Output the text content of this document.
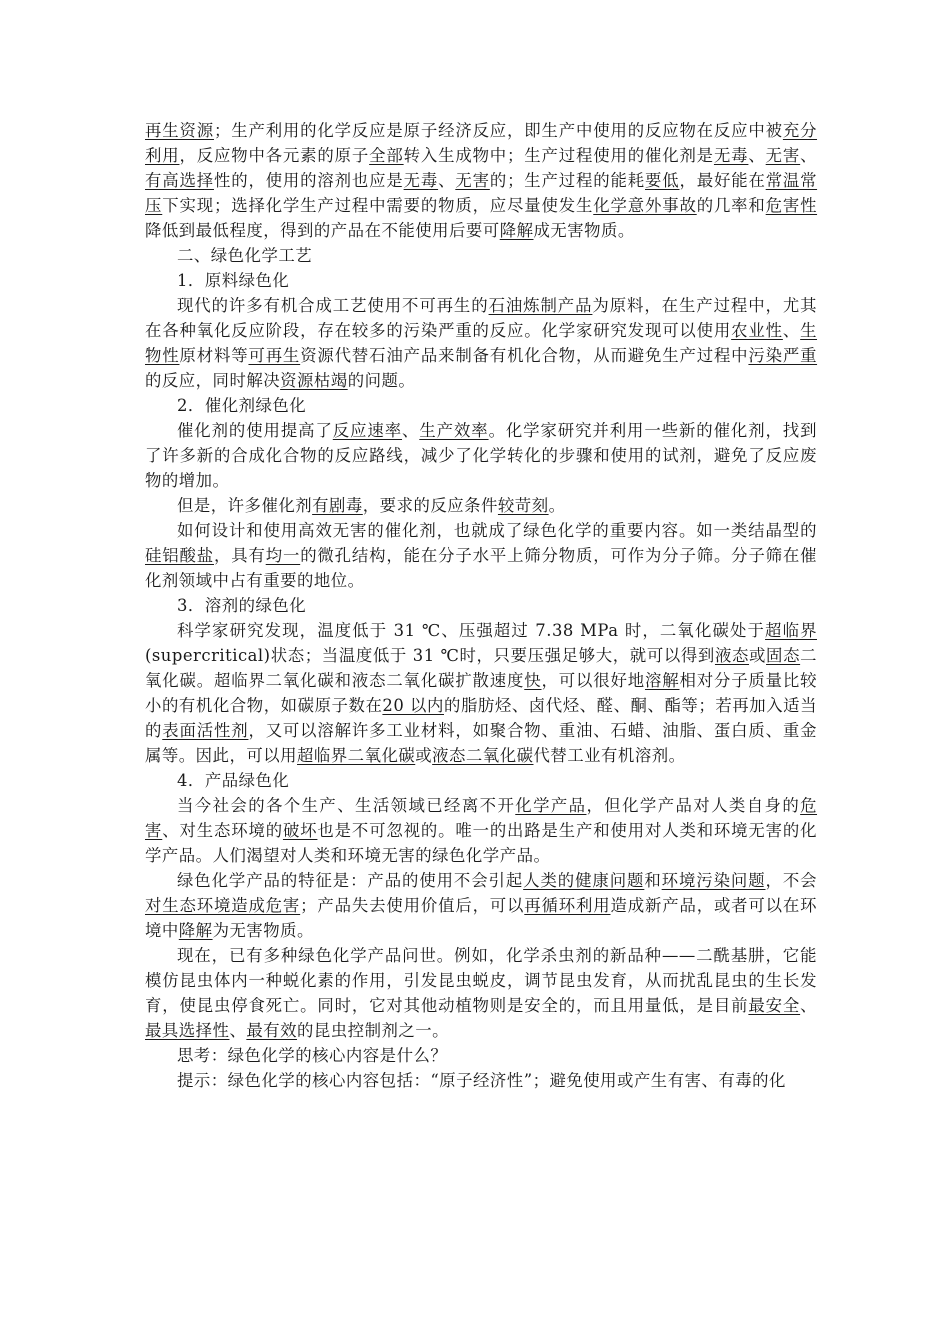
再生资源；生产利用的化学反应是原子经济反应，即生产中使用的反应物在反应中被充分利用，反应物中各元素的原子全部转入生成物中；生产过程使用的催化剂是无毒、无害、有高选择性的，使用的溶剂也应是无毒、无害的；生产过程的能耗要低，最好能在常温常压下实现；选择化学生产过程中需要的物质，应尽量使发生化学意外事故的几率和危害性降低到最低程度，得到的产品在不能使用后要可降解成无害物质。

二、绿色化学工艺
1．原料绿色化

现代的许多有机合成工艺使用不可再生的石油炼制产品为原料，在生产过程中，尤其在各种氧化反应阶段，存在较多的污染严重的反应。化学家研究发现可以使用农业性、生物性原材料等可再生资源代替石油产品来制备有机化合物，从而避免生产过程中污染严重的反应，同时解决资源枯竭的问题。

2．催化剂绿色化

催化剂的使用提高了反应速率、生产效率。化学家研究并利用一些新的催化剂，找到了许多新的合成化合物的反应路线，减少了化学转化的步骤和使用的试剂，避免了反应废物的增加。

但是，许多催化剂有剧毒，要求的反应条件较苛刻。

如何设计和使用高效无害的催化剂，也就成了绿色化学的重要内容。如一类结晶型的硅铝酸盐，具有均一的微孔结构，能在分子水平上筛分物质，可作为分子筛。分子筛在催化剂领域中占有重要的地位。

3．溶剂的绿色化

科学家研究发现，温度低于 31 ℃、压强超过 7.38 MPa 时，二氧化碳处于超临界(supercritical)状态；当温度低于 31 ℃时，只要压强足够大，就可以得到液态或固态二氧化碳。超临界二氧化碳和液态二氧化碳扩散速度快，可以很好地溶解相对分子质量比较小的有机化合物，如碳原子数在20 以内的脂肪烃、卤代烃、醛、酮、酯等；若再加入适当的表面活性剂，又可以溶解许多工业材料，如聚合物、重油、石蜡、油脂、蛋白质、重金属等。因此，可以用超临界二氧化碳或液态二氧化碳代替工业有机溶剂。

4．产品绿色化

当今社会的各个生产、生活领域已经离不开化学产品，但化学产品对人类自身的危害、对生态环境的破坏也是不可忽视的。唯一的出路是生产和使用对人类和环境无害的化学产品。人们渴望对人类和环境无害的绿色化学产品。

绿色化学产品的特征是：产品的使用不会引起人类的健康问题和环境污染问题，不会对生态环境造成危害；产品失去使用价值后，可以再循环利用造成新产品，或者可以在环境中降解为无害物质。

现在，已有多种绿色化学产品问世。例如，化学杀虫剂的新品种——二酰基肼，它能模仿昆虫体内一种蜕化素的作用，引发昆虫蜕皮，调节昆虫发育，从而扰乱昆虫的生长发育，使昆虫停食死亡。同时，它对其他动植物则是安全的，而且用量低，是目前最安全、最具选择性、最有效的昆虫控制剂之一。

思考：绿色化学的核心内容是什么？

提示：绿色化学的核心内容包括：“原子经济性”；避免使用或产生有害、有毒的化
